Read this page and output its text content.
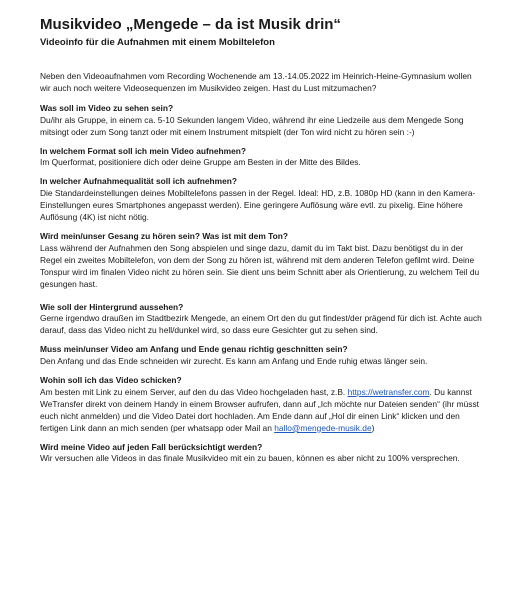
Musikvideo „Mengede – da ist Musik drin“
Videoinfo für die Aufnahmen mit einem Mobiltelefon

Neben den Videoaufnahmen vom Recording Wochenende am 13.-14.05.2022 im Heinrich-Heine-Gymnasium wollen wir auch noch weitere Videosequenzen im Musikvideo zeigen. Hast du Lust mitzumachen?

Was soll im Video zu sehen sein?

Du/ihr als Gruppe, in einem ca. 5-10 Sekunden langem Video, während ihr eine Liedzeile aus dem Mengede Song mitsingt oder zum Song tanzt oder mit einem Instrument mitspielt (der Ton wird nicht zu hören sein :-)

In welchem Format soll ich mein Video aufnehmen?

Im Querformat, positioniere dich oder deine Gruppe am Besten in der Mitte des Bildes.

In welcher Aufnahmequalität soll ich aufnehmen?

Die Standardeinstellungen deines Mobiltelefons passen in der Regel. Ideal: HD, z.B. 1080p HD (kann in den Kamera-Einstellungen eures Smartphones angepasst werden). Eine geringere Auflösung wäre evtl. zu pixelig. Eine höhere Auflösung (4K) ist nicht nötig.

Wird mein/unser Gesang zu hören sein? Was ist mit dem Ton?

Lass während der Aufnahmen den Song abspielen und singe dazu, damit du im Takt bist. Dazu benötigst du in der Regel ein zweites Mobiltelefon, von dem der Song zu hören ist, während mit dem anderen Telefon gefilmt wird. Deine Tonspur wird im finalen Video nicht zu hören sein. Sie dient uns beim Schnitt aber als Orientierung, zu welchem Teil du gesungen hast.

Wie soll der Hintergrund aussehen?

Gerne irgendwo draußen im Stadtbezirk Mengede, an einem Ort den du gut findest/der prägend für dich ist. Achte auch darauf, dass das Video nicht zu hell/dunkel wird, so dass eure Gesichter gut zu sehen sind.

Muss mein/unser Video am Anfang und Ende genau richtig geschnitten sein?

Den Anfang und das Ende schneiden wir zurecht. Es kann am Anfang und Ende ruhig etwas länger sein.

Wohin soll ich das Video schicken?

Am besten mit Link zu einem Server, auf den du das Video hochgeladen hast, z.B. https://wetransfer.com. Du kannst WeTransfer direkt von deinem Handy in einem Browser aufrufen, dann auf „Ich möchte nur Dateien senden“ (ihr müsst euch nicht anmelden) und die Video Datei dort hochladen. Am Ende dann auf „Hol dir einen Link“ klicken und den fertigen Link dann an mich senden (per whatsapp oder Mail an hallo@mengede-musik.de)

Wird meine Video auf jeden Fall berücksichtigt werden?

Wir versuchen alle Videos in das finale Musikvideo mit ein zu bauen, können es aber nicht zu 100% versprechen.
